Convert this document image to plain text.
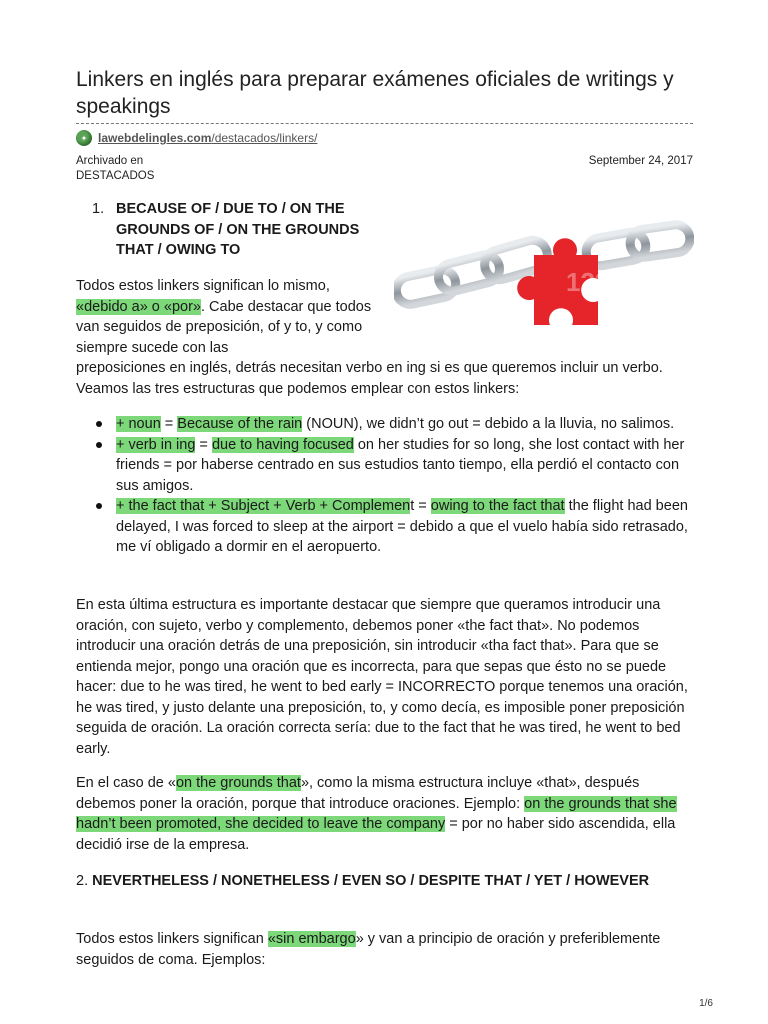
Linkers en inglés para preparar exámenes oficiales de writings y speakings
✦ lawebdelingles.com/destacados/linkers/
Archivado en
DESTACADOS
September 24, 2017
1. BECAUSE OF / DUE TO / ON THE GROUNDS OF / ON THE GROUNDS THAT / OWING TO
123RF

Todos estos linkers significan lo mismo, «debido a» o «por». Cabe destacar que todos van seguidos de preposición, of y to, y como siempre sucede con las
preposiciones en inglés, detrás necesitan verbo en ing si es que queremos incluir un verbo. Veamos las tres estructuras que podemos emplear con estos linkers:

+ noun = Because of the rain (NOUN), we didn’t go out = debido a la lluvia, no salimos.
+ verb in ing = due to having focused on her studies for so long, she lost contact with her friends = por haberse centrado en sus estudios tanto tiempo, ella perdió el contacto con sus amigos.
+ the fact that + Subject + Verb + Complement = owing to the fact that the flight had been delayed, I was forced to sleep at the airport = debido a que el vuelo había sido retrasado, me ví obligado a dormir en el aeropuerto.

En esta última estructura es importante destacar que siempre que queramos introducir una oración, con sujeto, verbo y complemento, debemos poner «the fact that». No podemos introducir una oración detrás de una preposición, sin introducir «tha fact that». Para que se entienda mejor, pongo una oración que es incorrecta, para que sepas que ésto no se puede hacer: due to he was tired, he went to bed early = INCORRECTO porque tenemos una oración, he was tired, y justo delante una preposición, to, y como decía, es imposible poner preposición seguida de oración. La oración correcta sería: due to the fact that he was tired, he went to bed early.

En el caso de «on the grounds that», como la misma estructura incluye «that», después debemos poner la oración, porque that introduce oraciones. Ejemplo: on the grounds that she hadn’t been promoted, she decided to leave the company = por no haber sido ascendida, ella decidió irse de la empresa.

2. NEVERTHELESS / NONETHELESS / EVEN SO / DESPITE THAT / YET / HOWEVER

Todos estos linkers significan «sin embargo» y van a principio de oración y preferiblemente seguidos de coma. Ejemplos:

1/6
